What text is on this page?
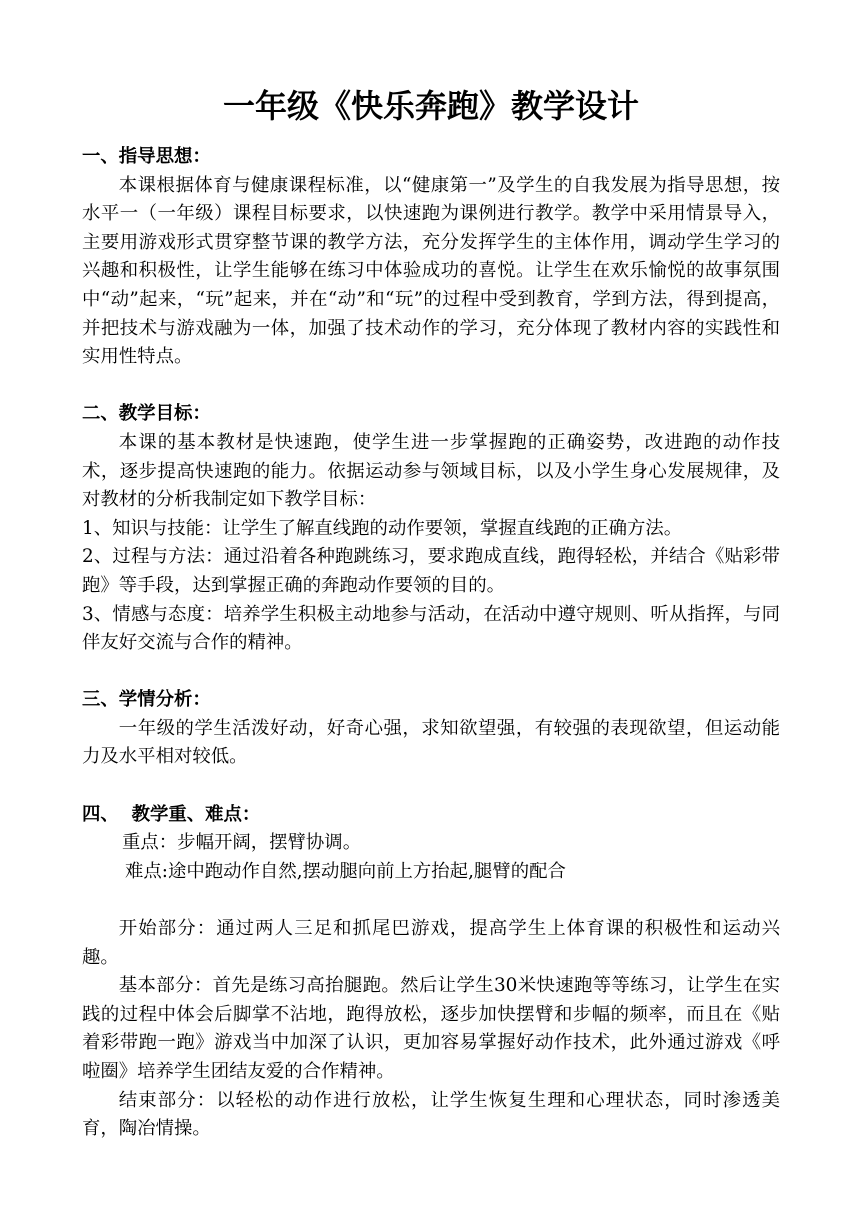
一年级《快乐奔跑》教学设计
一、指导思想：

本课根据体育与健康课程标准，以“健康第一”及学生的自我发展为指导思想，按水平一（一年级）课程目标要求，以快速跑为课例进行教学。教学中采用情景导入，主要用游戏形式贯穿整节课的教学方法，充分发挥学生的主体作用，调动学生学习的兴趣和积极性，让学生能够在练习中体验成功的喜悦。让学生在欢乐愉悦的故事氛围中“动”起来，“玩”起来，并在“动”和“玩”的过程中受到教育，学到方法，得到提高，并把技术与游戏融为一体，加强了技术动作的学习，充分体现了教材内容的实践性和实用性特点。

二、教学目标：

本课的基本教材是快速跑，使学生进一步掌握跑的正确姿势，改进跑的动作技术，逐步提高快速跑的能力。依据运动参与领域目标，以及小学生身心发展规律，及对教材的分析我制定如下教学目标：

1、知识与技能：让学生了解直线跑的动作要领，掌握直线跑的正确方法。

2、过程与方法：通过沿着各种跑跳练习，要求跑成直线，跑得轻松，并结合《贴彩带跑》等手段，达到掌握正确的奔跑动作要领的目的。

3、情感与态度：培养学生积极主动地参与活动，在活动中遵守规则、听从指挥，与同伴友好交流与合作的精神。

三、学情分析：

一年级的学生活泼好动，好奇心强，求知欲望强，有较强的表现欲望，但运动能力及水平相对较低。

四、  教学重、难点：
重点：步幅开阔，摆臂协调。
难点:途中跑动作自然,摆动腿向前上方抬起,腿臂的配合

开始部分：通过两人三足和抓尾巴游戏，提高学生上体育课的积极性和运动兴趣。

基本部分：首先是练习高抬腿跑。然后让学生30米快速跑等等练习，让学生在实践的过程中体会后脚掌不沾地，跑得放松，逐步加快摆臂和步幅的频率，而且在《贴着彩带跑一跑》游戏当中加深了认识，更加容易掌握好动作技术，此外通过游戏《呼啦圈》培养学生团结友爱的合作精神。

结束部分：以轻松的动作进行放松，让学生恢复生理和心理状态，同时渗透美育，陶冶情操。
